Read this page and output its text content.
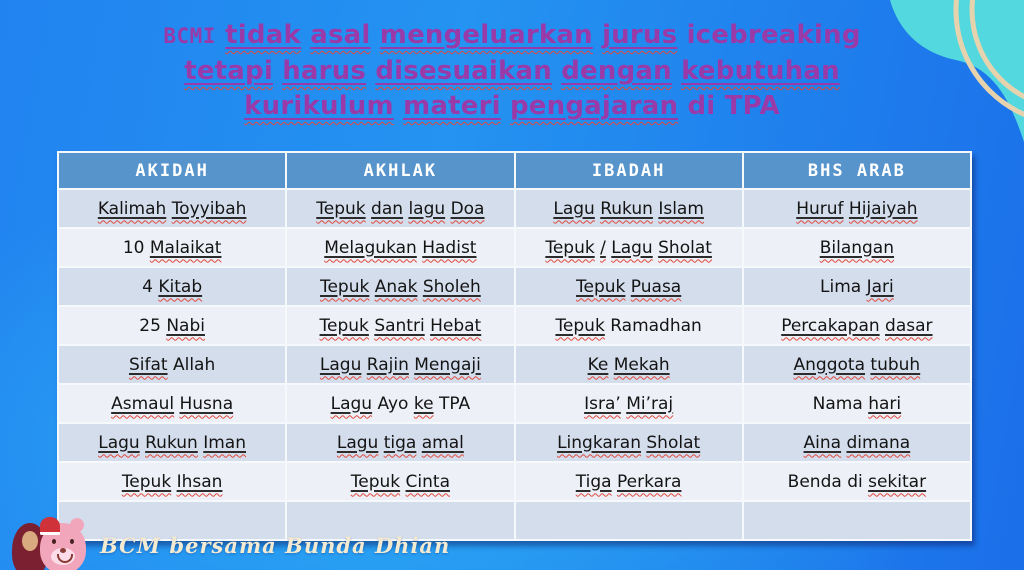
BCMI tidak asal mengeluarkan jurus icebreaking
tetapi harus disesuaikan dengan kebutuhan
kurikulum materi pengajaran di TPA
AKIDAH	AKHLAK	IBADAH	BHS ARAB
Kalimah Toyyibah	Tepuk dan lagu Doa	Lagu Rukun Islam	Huruf Hijaiyah
10 Malaikat	Melagukan Hadist	Tepuk / Lagu Sholat	Bilangan
4 Kitab	Tepuk Anak Sholeh	Tepuk Puasa	Lima Jari
25 Nabi	Tepuk Santri Hebat	Tepuk Ramadhan	Percakapan dasar
Sifat Allah	Lagu Rajin Mengaji	Ke Mekah	Anggota tubuh
Asmaul Husna	Lagu Ayo ke TPA	Isra’ Mi’raj	Nama hari
Lagu Rukun Iman	Lagu tiga amal	Lingkaran Sholat	Aina dimana
Tepuk Ihsan	Tepuk Cinta	Tiga Perkara	Benda di sekitar

BCM bersama Bunda Dhian
